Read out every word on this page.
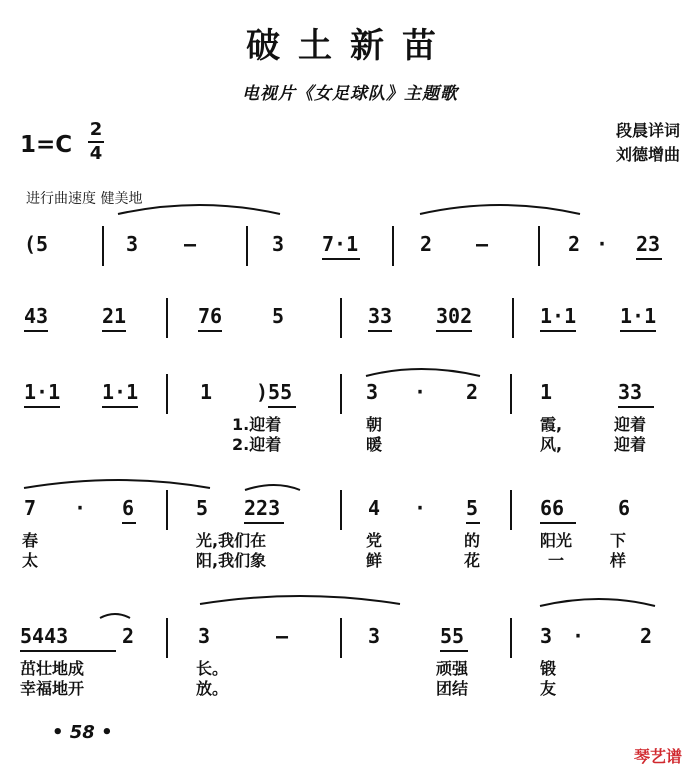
破土新苗
电视片《女足球队》主题歌
1=C
2
4
段晨详词
刘德增曲
进行曲速度 健美地
(5	3 –	3 7·1	2 –	2 · 23
43	21	76 5	33 302	1·1 1·1
1·1 1·1	1 )55	3 · 2	1	33
1.迎着	朝	霞,	迎着
2.迎着	暖	风,	迎着
7 · 6	5 223	4 · 5	66	6
春	光,我们在	党	的	阳光 下
太	阳,我们象	鲜	花	一	样
5443	2	3	–	3	55	3 ·	2
茁壮地成	长。	顽强	锻
幸福地开	放。	团结	友
• 58 •
琴艺谱
